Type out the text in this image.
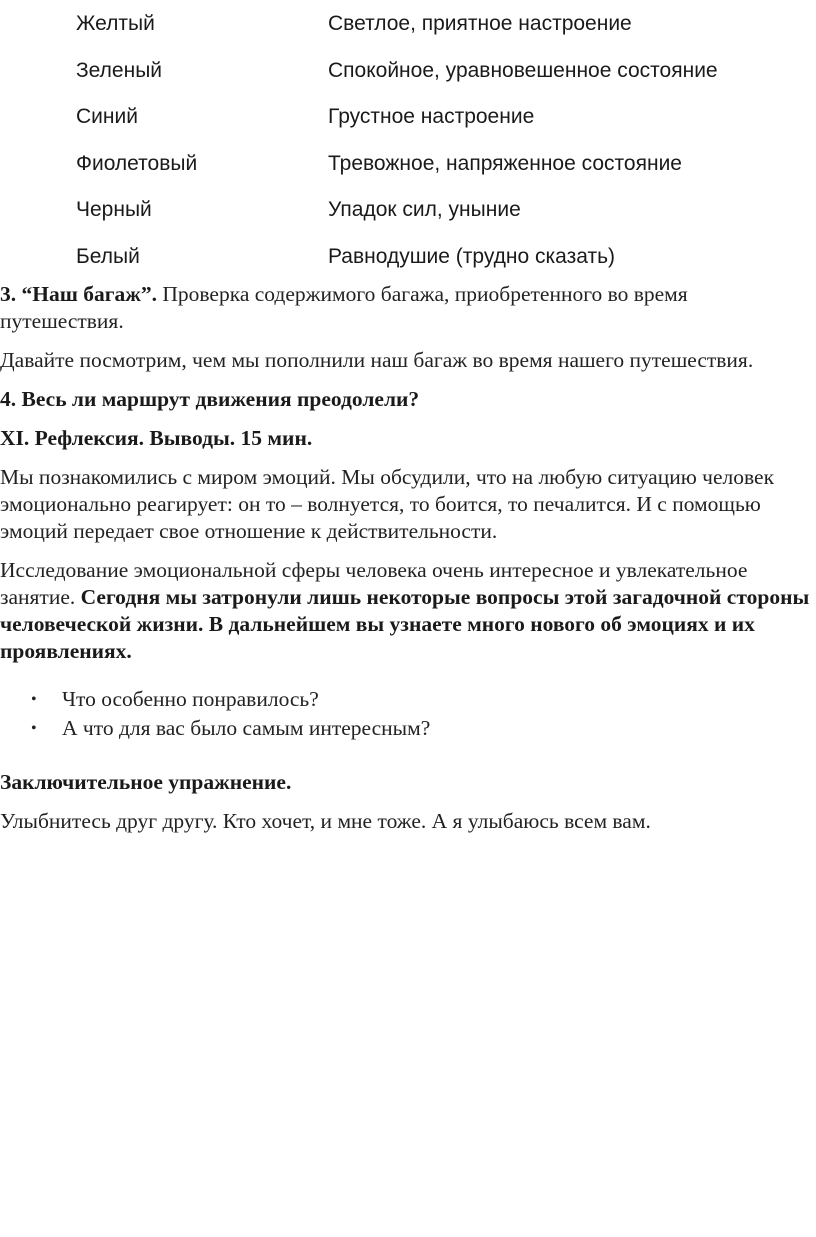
Желтый	Светлое, приятное настроение
Зеленый	Спокойное, уравновешенное состояние
Синий	Грустное настроение
Фиолетовый	Тревожное, напряженное состояние
Черный	Упадок сил, уныние
Белый	Равнодушие (трудно сказать)

3. “Наш багаж”. Проверка содержимого багажа, приобретенного во время путешествия.

Давайте посмотрим, чем мы пополнили наш багаж во время нашего путешествия.

4. Весь ли маршрут движения преодолели?

XI. Рефлексия. Выводы. 15 мин.

Мы познакомились с миром эмоций. Мы обсудили, что на любую ситуацию человек эмоционально реагирует: он то – волнуется, то боится, то печалится. И с помощью эмоций передает свое отношение к действительности.

Исследование эмоциональной сферы человека очень интересное и увлекательное занятие. Сегодня мы затронули лишь некоторые вопросы этой загадочной стороны человеческой жизни. В дальнейшем вы узнаете много нового об эмоциях и их проявлениях.

• Что особенно понравилось?
• А что для вас было самым интересным?

Заключительное упражнение.

Улыбнитесь друг другу. Кто хочет, и мне тоже. А я улыбаюсь всем вам.
